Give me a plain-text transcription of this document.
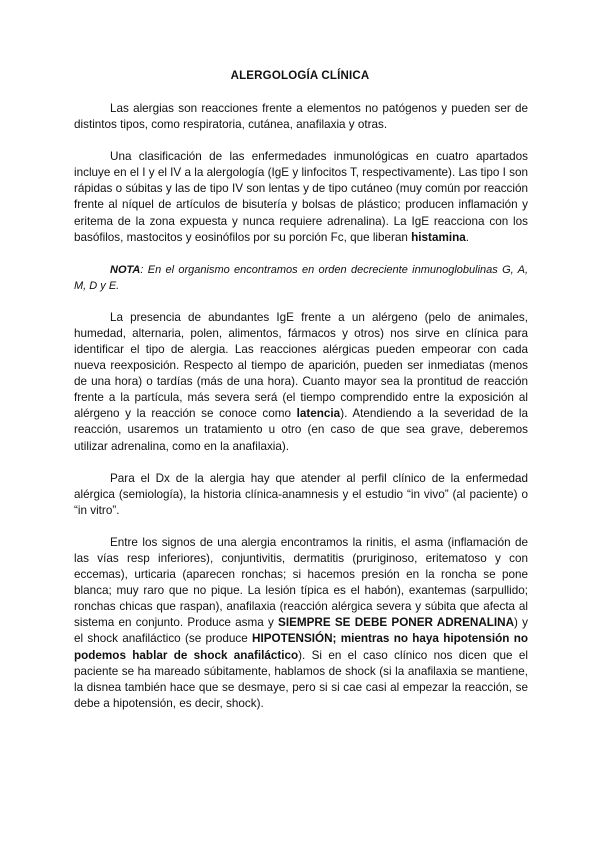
ALERGOLOGÍA CLÍNICA

Las alergias son reacciones frente a elementos no patógenos y pueden ser de distintos tipos, como respiratoria, cutánea, anafilaxia y otras.

Una clasificación de las enfermedades inmunológicas en cuatro apartados incluye en el I y el IV a la alergología (IgE y linfocitos T, respectivamente). Las tipo I son rápidas o súbitas y las de tipo IV son lentas y de tipo cutáneo (muy común por reacción frente al níquel de artículos de bisutería y bolsas de plástico; producen inflamación y eritema de la zona expuesta y nunca requiere adrenalina). La IgE reacciona con los basófilos, mastocitos y eosinófilos por su porción Fc, que liberan histamina.

NOTA: En el organismo encontramos en orden decreciente inmunoglobulinas G, A, M, D y E.

La presencia de abundantes IgE frente a un alérgeno (pelo de animales, humedad, alternaria, polen, alimentos, fármacos y otros) nos sirve en clínica para identificar el tipo de alergia. Las reacciones alérgicas pueden empeorar con cada nueva reexposición. Respecto al tiempo de aparición, pueden ser inmediatas (menos de una hora) o tardías (más de una hora). Cuanto mayor sea la prontitud de reacción frente a la partícula, más severa será (el tiempo comprendido entre la exposición al alérgeno y la reacción se conoce como latencia). Atendiendo a la severidad de la reacción, usaremos un tratamiento u otro (en caso de que sea grave, deberemos utilizar adrenalina, como en la anafilaxia).

Para el Dx de la alergia hay que atender al perfil clínico de la enfermedad alérgica (semiología), la historia clínica-anamnesis y el estudio “in vivo” (al paciente) o “in vitro”.

Entre los signos de una alergia encontramos la rinitis, el asma (inflamación de las vías resp inferiores), conjuntivitis, dermatitis (pruriginoso, eritematoso y con eccemas), urticaria (aparecen ronchas; si hacemos presión en la roncha se pone blanca; muy raro que no pique. La lesión típica es el habón), exantemas (sarpullido; ronchas chicas que raspan), anafilaxia (reacción alérgica severa y súbita que afecta al sistema en conjunto. Produce asma y SIEMPRE SE DEBE PONER ADRENALINA) y el shock anafiláctico (se produce HIPOTENSIÓN; mientras no haya hipotensión no podemos hablar de shock anafiláctico). Si en el caso clínico nos dicen que el paciente se ha mareado súbitamente, hablamos de shock (si la anafilaxia se mantiene, la disnea también hace que se desmaye, pero si si cae casi al empezar la reacción, se debe a hipotensión, es decir, shock).
